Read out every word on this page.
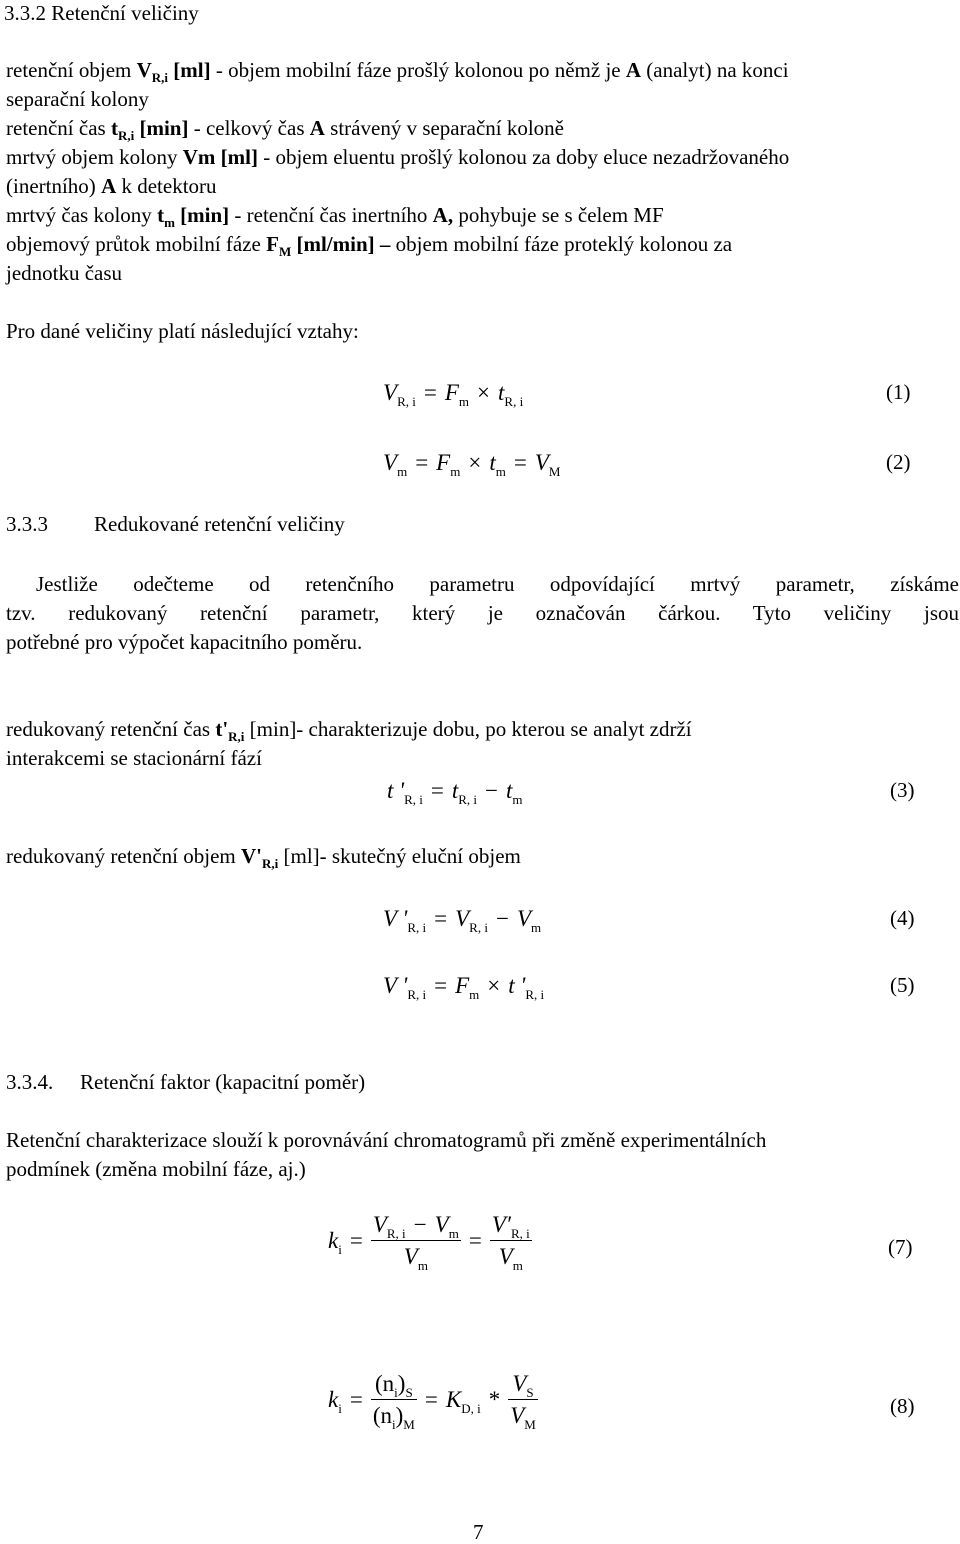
3.3.2 Retenční veličiny
retenční objem $V_{R,i}$ [ml] - objem mobilní fáze prošlý kolonou po němž je A (analyt) na konci
separační kolony
retenční čas $t_{R,i}$ [min] - celkový čas A strávený v separační koloně
mrtvý objem kolony Vm [ml] - objem eluentu prošlý kolonou za doby eluce nezadržovaného
(inertního) A k detektoru
mrtvý čas kolony $t_m$ [min] - retenční čas inertního A, pohybuje se s čelem MF
objemový průtok mobilní fáze $F_M$ [ml/min] – objem mobilní fáze proteklý kolonou za
jednotku času
Pro dané veličiny platí následující vztahy:
$V_{R, i} = F_m \times t_{R, i}$	(1)
$V_m = F_m \times t_m = V_M$	(2)
3.3.3 Redukované retenční veličiny
Jestliže odečteme od retenčního parametru odpovídající mrtvý parametr, získáme
tzv. redukovaný retenční parametr, který je označován čárkou. Tyto veličiny jsou
potřebné pro výpočet kapacitního poměru.
redukovaný retenční čas $t'_{R,i}$ [min]- charakterizuje dobu, po kterou se analyt zdrží
interakcemi se stacionární fází
t '$_{R, i} = t_{R, i} - t_m$	(3)
redukovaný retenční objem $V'_{R,i}$ [ml]- skutečný eluční objem
V '$_{R, i} = V_{R, i} - V_m$	(4)
V '$_{R, i} = F_m \times t$ '$_{R, i}$	(5)
3.3.4. Retenční faktor (kapacitní poměr)
Retenční charakterizace slouží k porovnávání chromatogramů při změně experimentálních
podmínek (změna mobilní fáze, aj.)
$k_i = \frac{V_{R, i} - V_m}{V_m} = \frac{V'_{R, i}}{V_m}$	(7)
$k_i = \frac{(n_i)_S}{(n_i)_M} = K_{D, i} * \frac{V_S}{V_M}$	(8)
7
